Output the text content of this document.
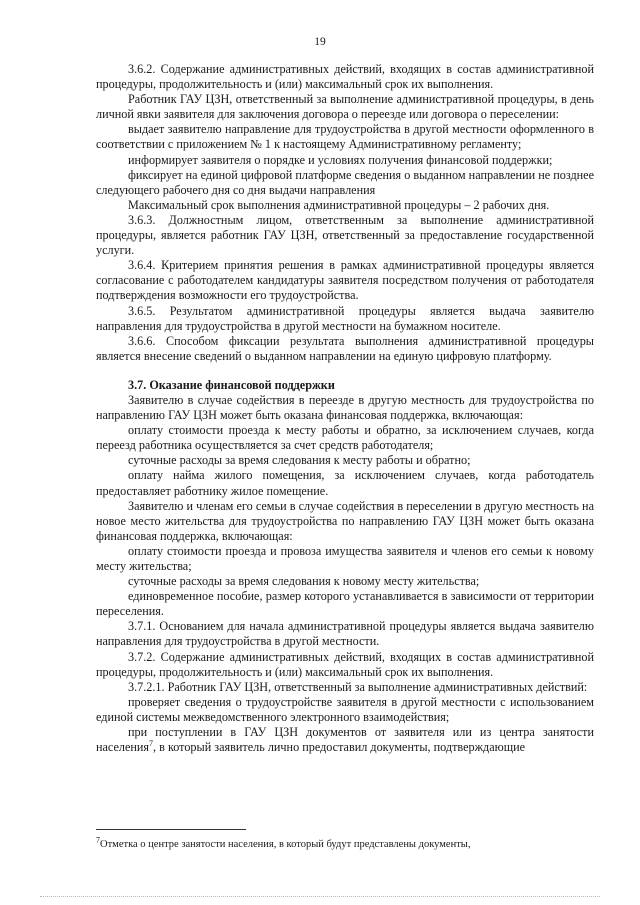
19

3.6.2. Содержание административных действий, входящих в состав административной процедуры, продолжительность и (или) максимальный срок их выполнения.

Работник ГАУ ЦЗН, ответственный за выполнение административной процедуры, в день личной явки заявителя для заключения договора о переезде или договора о переселении:

выдает заявителю направление для трудоустройства в другой местности оформленного в соответствии с приложением № 1 к настоящему Административному регламенту;

информирует заявителя о порядке и условиях получения финансовой поддержки;

фиксирует на единой цифровой платформе сведения о выданном направлении не позднее следующего рабочего дня со дня выдачи направления

Максимальный срок выполнения административной процедуры – 2 рабочих дня.

3.6.3. Должностным лицом, ответственным за выполнение административной процедуры, является работник ГАУ ЦЗН, ответственный за предоставление государственной услуги.

3.6.4. Критерием принятия решения в рамках административной процедуры является согласование с работодателем кандидатуры заявителя посредством получения от работодателя подтверждения возможности его трудоустройства.

3.6.5. Результатом административной процедуры является выдача заявителю направления для трудоустройства в другой местности на бумажном носителе.

3.6.6. Способом фиксации результата выполнения административной процедуры является внесение сведений о выданном направлении на единую цифровую платформу.

3.7. Оказание финансовой поддержки

Заявителю в случае содействия в переезде в другую местность для трудоустройства по направлению ГАУ ЦЗН может быть оказана финансовая поддержка, включающая:

оплату стоимости проезда к месту работы и обратно, за исключением случаев, когда переезд работника осуществляется за счет средств работодателя;

суточные расходы за время следования к месту работы и обратно;

оплату найма жилого помещения, за исключением случаев, когда работодатель предоставляет работнику жилое помещение.

Заявителю и членам его семьи в случае содействия в переселении в другую местность на новое место жительства для трудоустройства по направлению ГАУ ЦЗН может быть оказана финансовая поддержка, включающая:

оплату стоимости проезда и провоза имущества заявителя и членов его семьи к новому месту жительства;

суточные расходы за время следования к новому месту жительства;

единовременное пособие, размер которого устанавливается в зависимости от территории переселения.

3.7.1. Основанием для начала административной процедуры является выдача заявителю направления для трудоустройства в другой местности.

3.7.2. Содержание административных действий, входящих в состав административной процедуры, продолжительность и (или) максимальный срок их выполнения.

3.7.2.1. Работник ГАУ ЦЗН, ответственный за выполнение административных действий:

проверяет сведения о трудоустройстве заявителя в другой местности с использованием единой системы межведомственного электронного взаимодействия;

при поступлении в ГАУ ЦЗН документов от заявителя или из центра занятости населения$^7$, в который заявитель лично предоставил документы, подтверждающие

$^7$Отметка о центре занятости населения, в который будут представлены документы,
